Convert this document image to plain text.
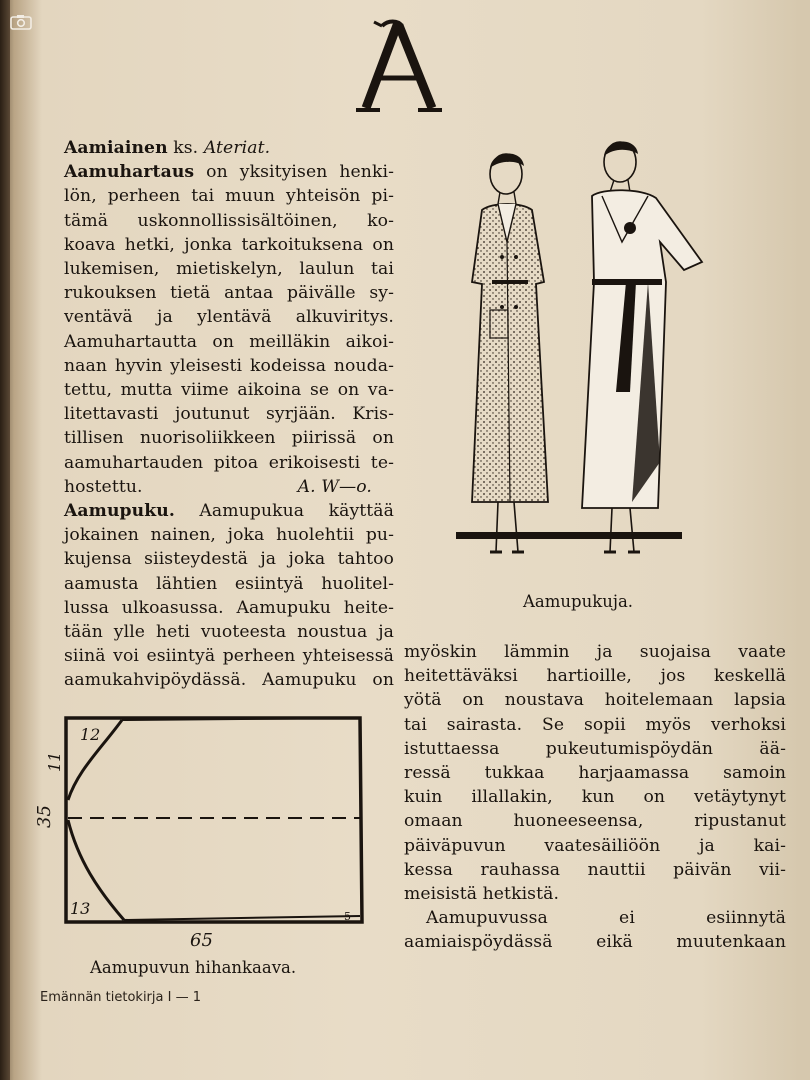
Aamiainen ks. Ateriat.
Aamuhartaus on yksityisen henki-
lön, perheen tai muun yhteisön pi-
tämä uskonnollissisältöinen, ko-
koava hetki, jonka tarkoituksena on
lukemisen, mietiskelyn, laulun tai
rukouksen tietä antaa päivälle sy-
ventävä ja ylentävä alkuviritys.
Aamuhartautta on meilläkin aikoi-
naan hyvin yleisesti kodeissa nouda-
tettu, mutta viime aikoina se on va-
litettavasti joutunut syrjään. Kris-
tillisen nuorisoliikkeen piirissä on
aamuhartauden pitoa erikoisesti te-
hostettu.	A. W—o.
Aamupuku. Aamupukua käyttää
jokainen nainen, joka huolehtii pu-
kujensa siisteydestä ja joka tahtoo
aamusta lähtien esiintyä huolitel-
lussa ulkoasussa. Aamupuku heite-
tään ylle heti vuoteesta noustua ja
siinä voi esiintyä perheen yhteisessä
aamukahvipöydässä. Aamupuku on
Aamupukuja.
12
11
35
13	5
65
Aamupuvun hihankaava.
myöskin lämmin ja suojaisa vaate
heitettäväksi hartioille, jos keskellä
yötä on noustava hoitelemaan lapsia
tai sairasta. Se sopii myös verhoksi
istuttaessa pukeutumispöydän ää-
ressä tukkaa harjaamassa samoin
kuin illallakin, kun on vetäytynyt
omaan huoneeseensa, ripustanut
päiväpuvun vaatesäiliöön ja kai-
kessa rauhassa nauttii päivän vii-
meisistä hetkistä.
Aamupuvussa ei esiinnytä
aamiaispöydässä eikä muutenkaan
Emännän tietokirja I — 1
